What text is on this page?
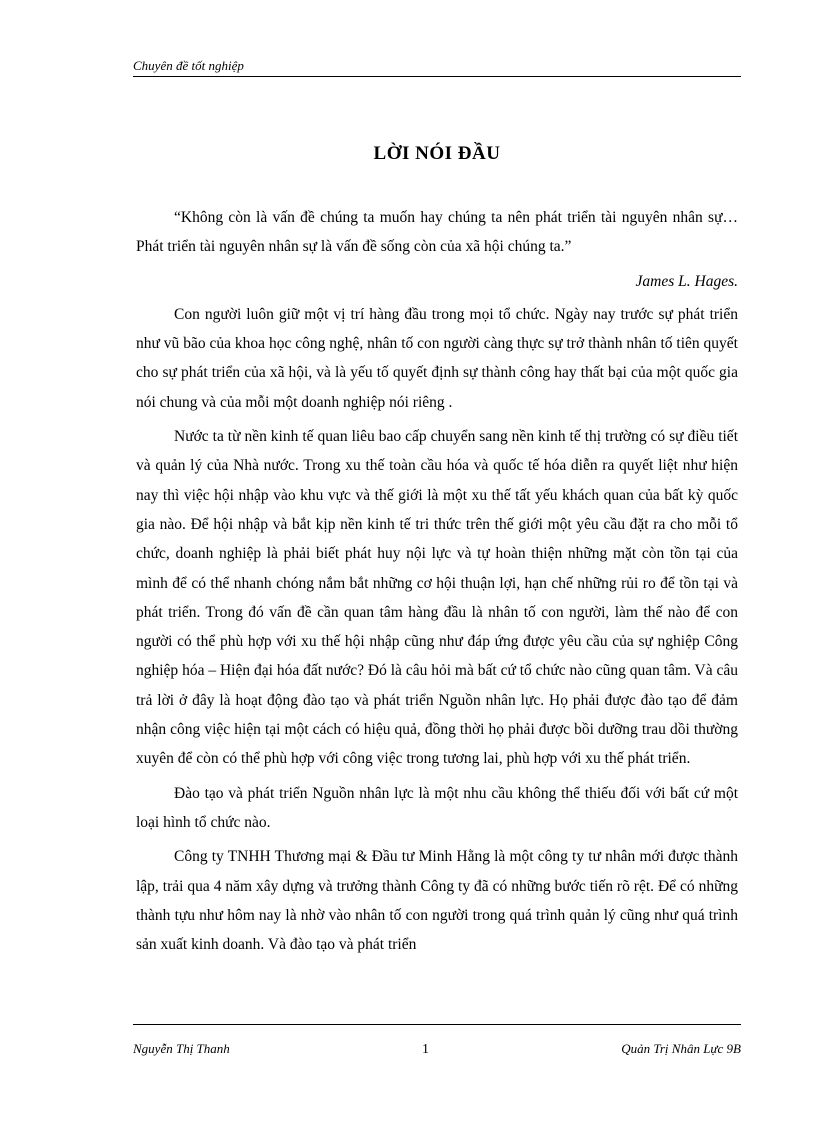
Chuyên đề tốt nghiệp
LỜI NÓI ĐẦU

“Không còn là vấn đề chúng ta muốn hay chúng ta nên phát triển tài nguyên nhân sự… Phát triển tài nguyên nhân sự là vấn đề sống còn của xã hội chúng ta.”

James L. Hages.

Con người luôn giữ một vị trí hàng đầu trong mọi tổ chức. Ngày nay trước sự phát triển như vũ bão của khoa học công nghệ, nhân tố con người càng thực sự trở thành nhân tố tiên quyết cho sự phát triển của xã hội, và là yếu tố quyết định sự thành công hay thất bại của một quốc gia nói chung và của mỗi một doanh nghiệp nói riêng .

Nước ta từ nền kinh tế quan liêu bao cấp chuyển sang nền kinh tế thị trường có sự điều tiết và quản lý của Nhà nước. Trong xu thế toàn cầu hóa và quốc tế hóa diễn ra quyết liệt như hiện nay thì việc hội nhập vào khu vực và thế giới là một xu thế tất yếu khách quan của bất kỳ quốc gia nào. Để hội nhập và bắt kịp nền kinh tế tri thức trên thế giới một yêu cầu đặt ra cho mỗi tổ chức, doanh nghiệp là phải biết phát huy nội lực và tự hoàn thiện những mặt còn tồn tại của mình để có thể nhanh chóng nắm bắt những cơ hội thuận lợi, hạn chế những rủi ro để tồn tại và phát triển. Trong đó vấn đề cần quan tâm hàng đầu là nhân tố con người, làm thế nào để con người có thể phù hợp với xu thế hội nhập cũng như đáp ứng được yêu cầu của sự nghiệp Công nghiệp hóa – Hiện đại hóa đất nước? Đó là câu hỏi mà bất cứ tổ chức nào cũng quan tâm. Và câu trả lời ở đây là hoạt động đào tạo và phát triển Nguồn nhân lực. Họ phải được đào tạo để đảm nhận công việc hiện tại một cách có hiệu quả, đồng thời họ phải được bồi dưỡng trau dồi thường xuyên để còn có thể phù hợp với công việc trong tương lai, phù hợp với xu thế phát triển.

Đào tạo và phát triển Nguồn nhân lực là một nhu cầu không thể thiếu đối với bất cứ một loại hình tổ chức nào.

Công ty TNHH Thương mại & Đầu tư Minh Hằng là một công ty tư nhân mới được thành lập, trải qua 4 năm xây dựng và trưởng thành Công ty đã có những bước tiến rõ rệt. Để có những thành tựu như hôm nay là nhờ vào nhân tố con người trong quá trình quản lý cũng như quá trình sản xuất kinh doanh. Và đào tạo và phát triển

Nguyễn Thị Thanh	1	Quản Trị Nhân Lực 9B
